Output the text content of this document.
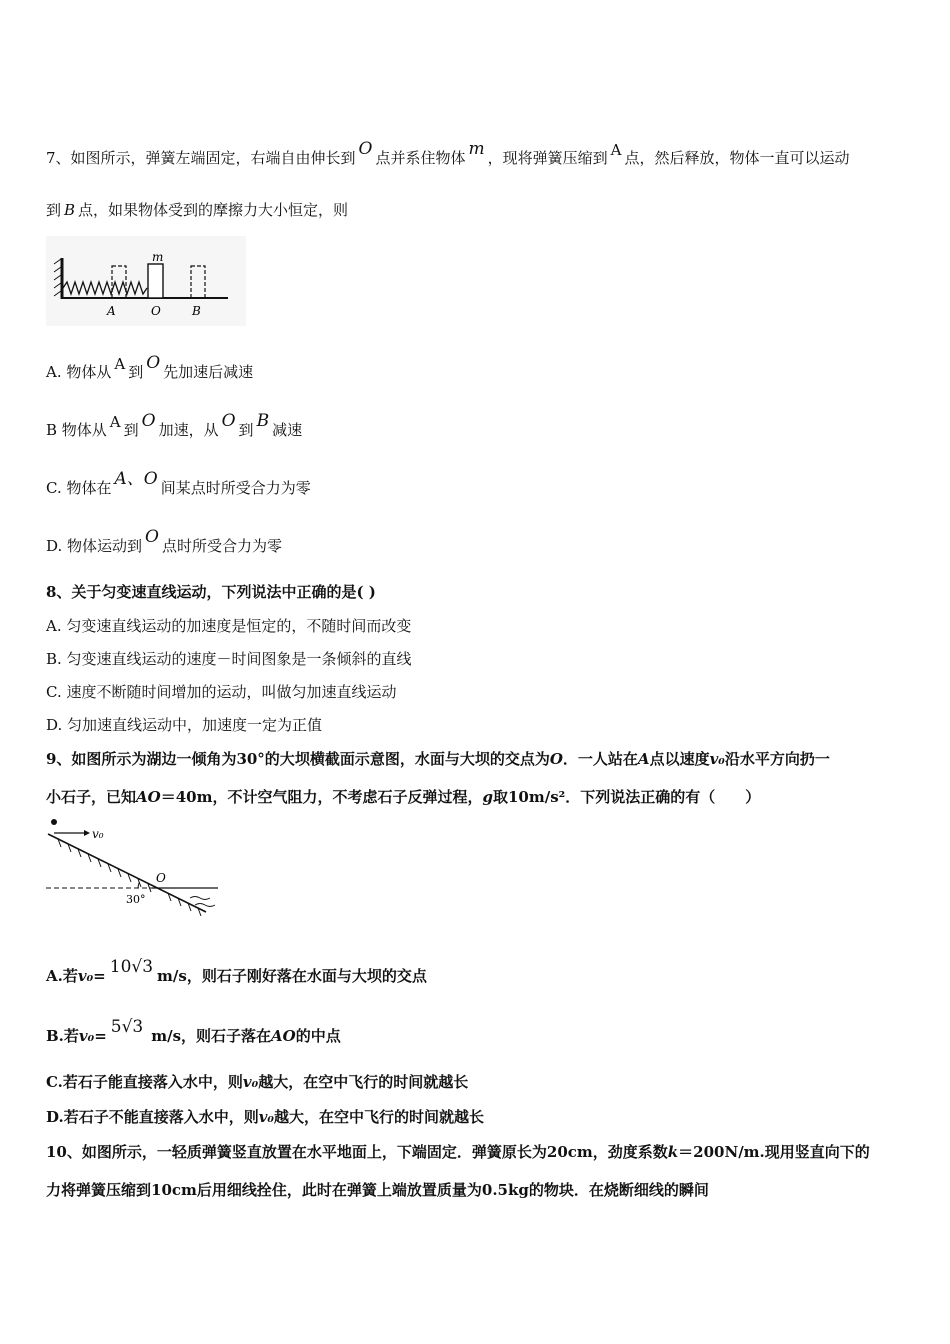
7、如图所示，弹簧左端固定，右端自由伸长到 O 点并系住物体 m ，现将弹簧压缩到 A 点，然后释放，物体一直可以运动
到 B 点，如果物体受到的摩擦力大小恒定，则
m
A	O	B
A. 物体从 A 到 O 先加速后减速
B 物体从 A 到 O 加速，从 O 到 B 减速
C. 物体在 A、O 间某点时所受合力为零
D. 物体运动到 O 点时所受合力为零
8、关于匀变速直线运动，下列说法中正确的是( )
A. 匀变速直线运动的加速度是恒定的，不随时间而改变
B. 匀变速直线运动的速度－时间图象是一条倾斜的直线
C. 速度不断随时间增加的运动，叫做匀加速直线运动
D. 匀加速直线运动中，加速度一定为正值
9、如图所示为湖边一倾角为30°的大坝横截面示意图，水面与大坝的交点为O．一人站在A点以速度v₀沿水平方向扔一
小石子，已知AO＝40m，不计空气阻力，不考虑石子反弹过程，g取10m/s²．下列说法正确的有（　　）
v₀
O
30°
A.若v₀= 10√3 m/s，则石子刚好落在水面与大坝的交点
B.若v₀= 5√3 m/s，则石子落在AO的中点
C.若石子能直接落入水中，则v₀越大，在空中飞行的时间就越长
D.若石子不能直接落入水中，则v₀越大，在空中飞行的时间就越长
10、如图所示，一轻质弹簧竖直放置在水平地面上，下端固定．弹簧原长为20cm，劲度系数k＝200N/m.现用竖直向下的
力将弹簧压缩到10cm后用细线拴住，此时在弹簧上端放置质量为0.5kg的物块．在烧断细线的瞬间
